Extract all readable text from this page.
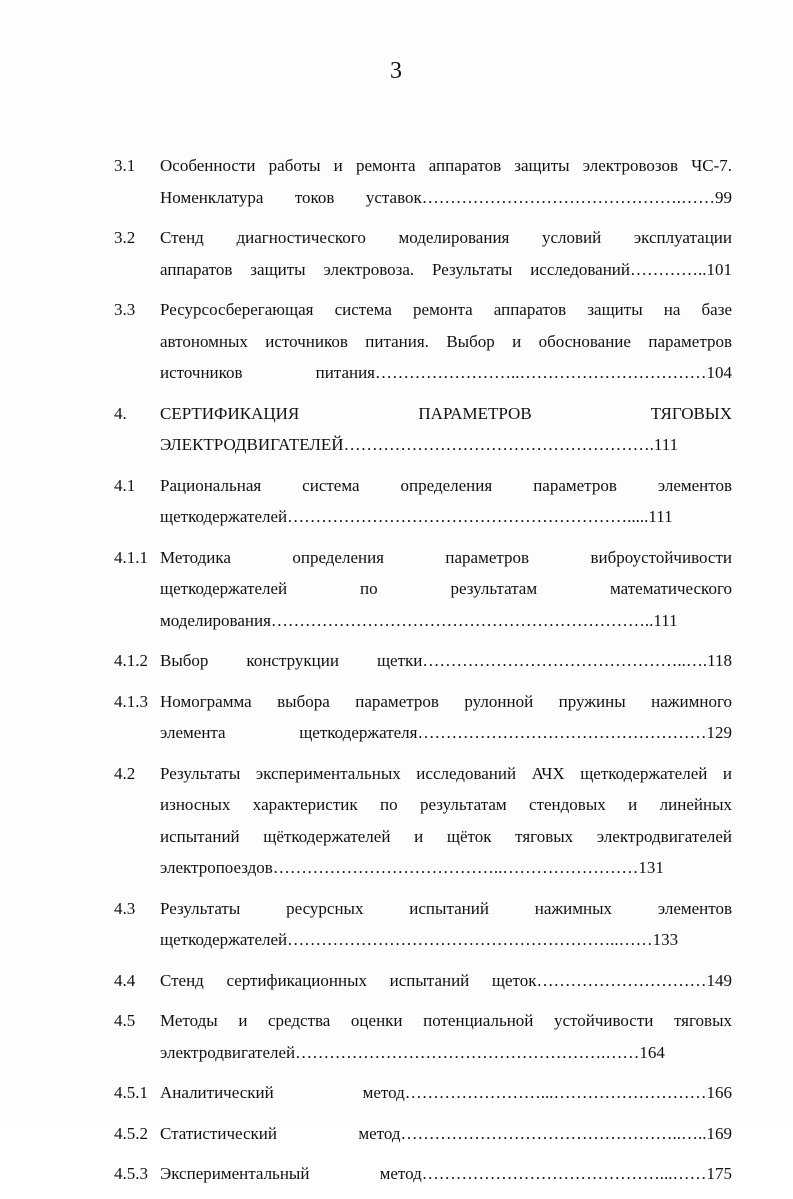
3
3.1 Особенности работы и ремонта аппаратов защиты электровозов ЧС-7.
Номенклатура токов уставок……………………………………….……99
3.2 Стенд диагностического моделирования условий эксплуатации
аппаратов защиты электровоза. Результаты исследований…………..101
3.3 Ресурсосберегающая система ремонта аппаратов защиты на базе
автономных источников питания. Выбор и обоснование параметров
источников питания……………………..……………………………104
4. СЕРТИФИКАЦИЯ ПАРАМЕТРОВ ТЯГОВЫХ
ЭЛЕКТРОДВИГАТЕЛЕЙ……………………………………………….111
4.1 Рациональная система определения параметров элементов
щеткодержателей…………………………………………………….....111
4.1.1 Методика определения параметров виброустойчивости
щеткодержателей по результатам математического
моделирования…………………………………………………………..111
4.1.2 Выбор конструкции щетки………………………………………..….118
4.1.3 Номограмма выбора параметров рулонной пружины нажимного
элемента щеткодержателя……………………………………………129
4.2 Результаты экспериментальных исследований АЧХ щеткодержателей и
износных характеристик по результатам стендовых и линейных
испытаний щёткодержателей и щёток тяговых электродвигателей
электропоездов…………………………………..……………………131
4.3 Результаты ресурсных испытаний нажимных элементов
щеткодержателей…………………………………………………..……133
4.4 Стенд сертификационных испытаний щеток…………………………149
4.5 Методы и средства оценки потенциальной устойчивости тяговых
электродвигателей……………………………………………….……164
4.5.1 Аналитический метод……………………...………………………166
4.5.2 Статистический метод…………………………………………..…..169
4.5.3 Экспериментальный метод……………………………………...……175
